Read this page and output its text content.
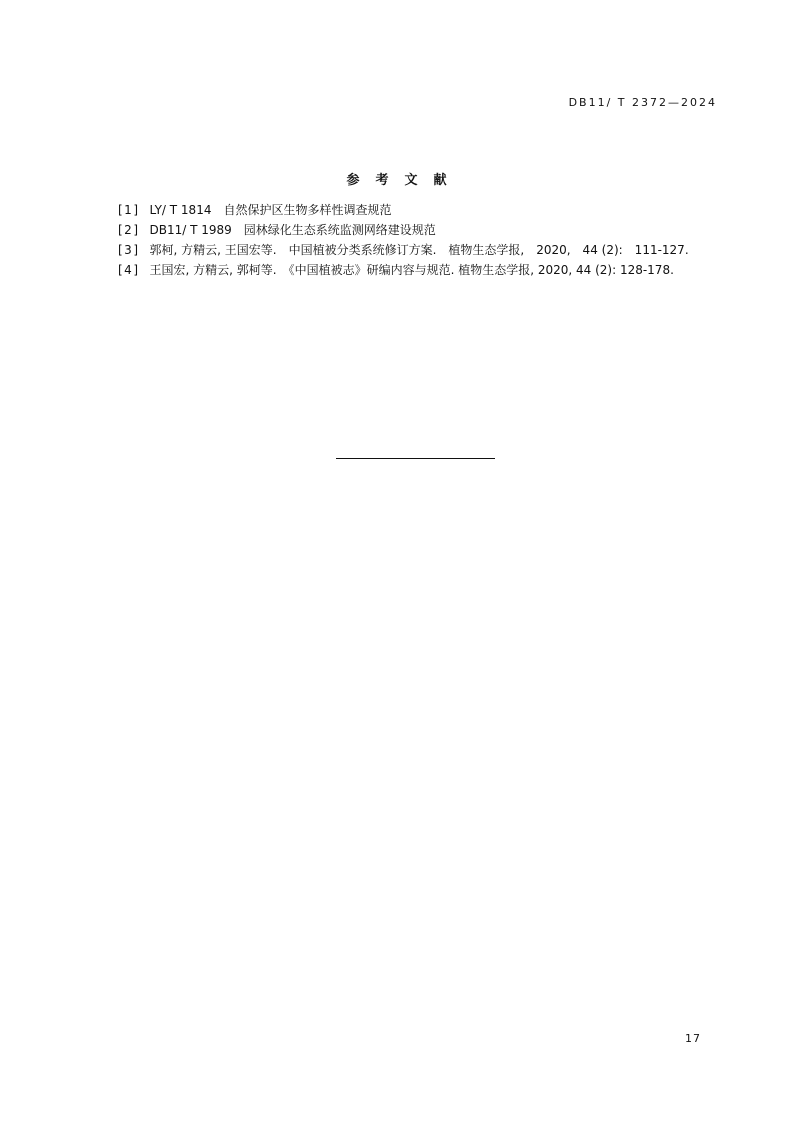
DB11/ T 2372—2024
参考文献

[1] LY/ T 1814　自然保护区生物多样性调查规范

[2] DB11/ T 1989　园林绿化生态系统监测网络建设规范

[3] 郭柯, 方精云, 王国宏等.　中国植被分类系统修订方案.　植物生态学报,　2020,　44 (2):　111-127.

[4] 王国宏, 方精云, 郭柯等.　《中国植被志》研编内容与规范. 植物生态学报, 2020, 44 (2): 128-178.

17
